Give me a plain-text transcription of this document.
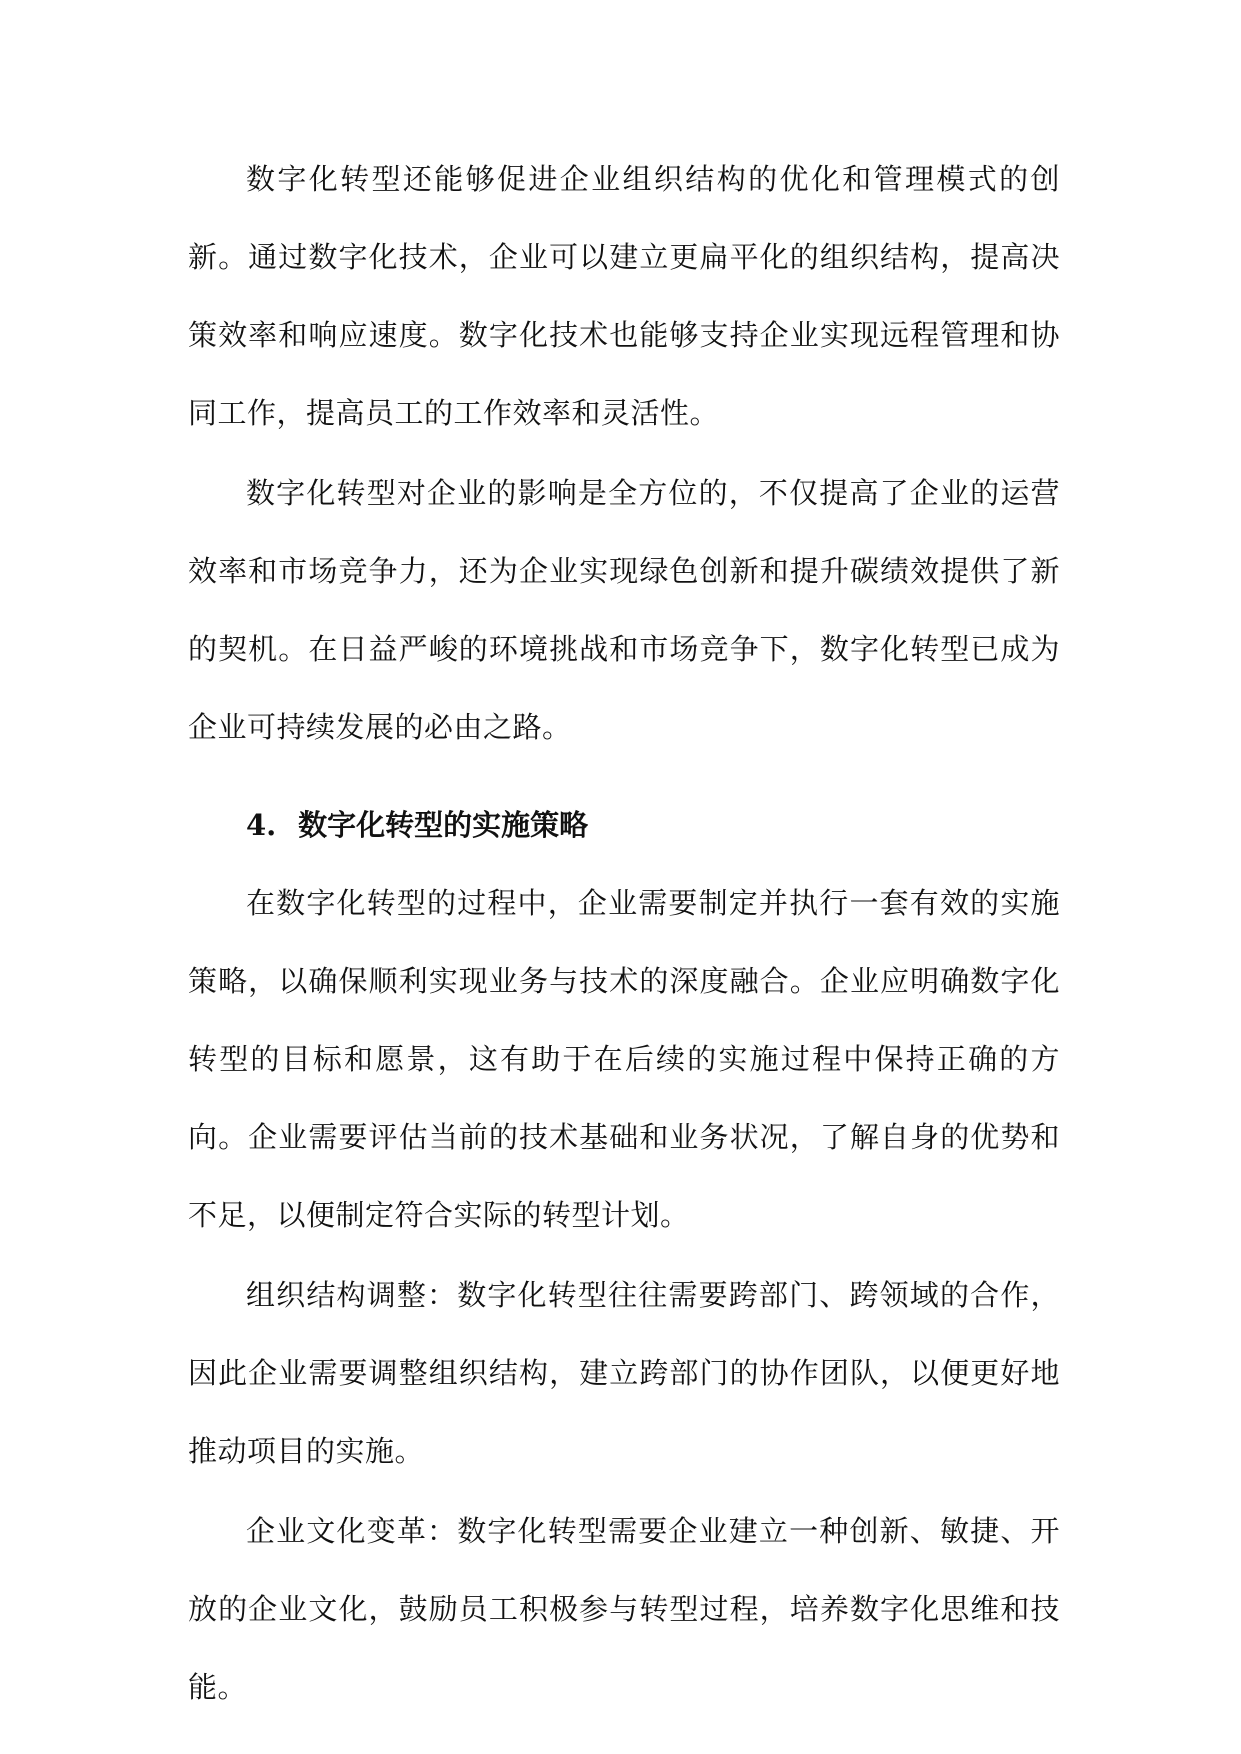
数字化转型还能够促进企业组织结构的优化和管理模式的创新。通过数字化技术，企业可以建立更扁平化的组织结构，提高决策效率和响应速度。数字化技术也能够支持企业实现远程管理和协同工作，提高员工的工作效率和灵活性。

数字化转型对企业的影响是全方位的，不仅提高了企业的运营效率和市场竞争力，还为企业实现绿色创新和提升碳绩效提供了新的契机。在日益严峻的环境挑战和市场竞争下，数字化转型已成为企业可持续发展的必由之路。

4. 数字化转型的实施策略

在数字化转型的过程中，企业需要制定并执行一套有效的实施策略，以确保顺利实现业务与技术的深度融合。企业应明确数字化转型的目标和愿景，这有助于在后续的实施过程中保持正确的方向。企业需要评估当前的技术基础和业务状况，了解自身的优势和不足，以便制定符合实际的转型计划。

组织结构调整：数字化转型往往需要跨部门、跨领域的合作，因此企业需要调整组织结构，建立跨部门的协作团队，以便更好地推动项目的实施。

企业文化变革：数字化转型需要企业建立一种创新、敏捷、开放的企业文化，鼓励员工积极参与转型过程，培养数字化思维和技能。
